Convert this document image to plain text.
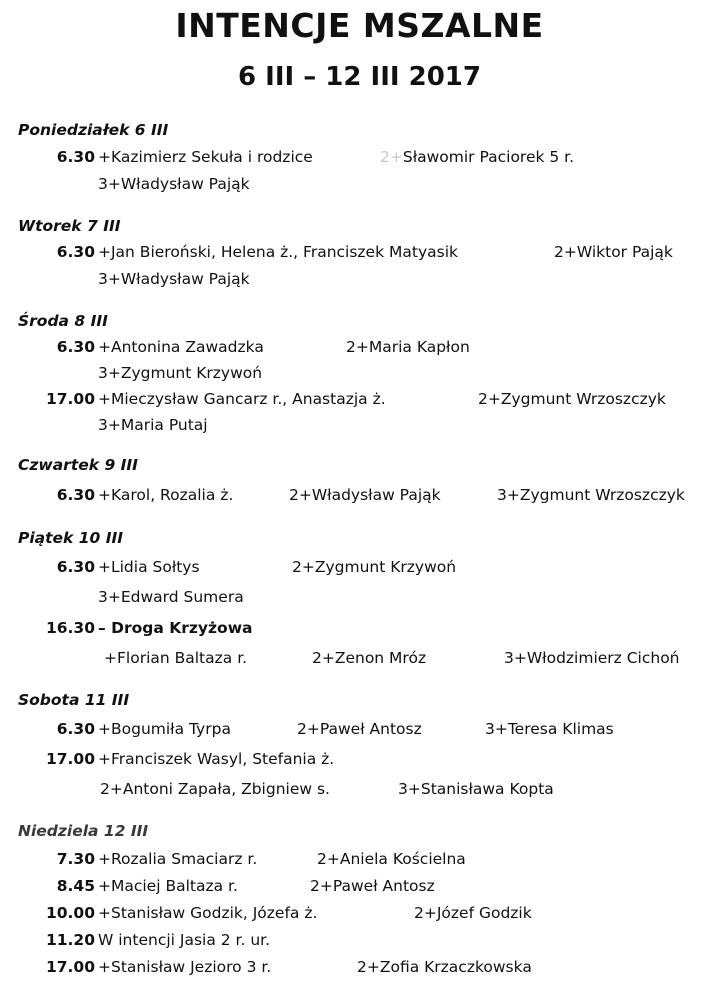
INTENCJE MSZALNE
6 III – 12 III 2017
Poniedziałek 6 III
6.30 +Kazimierz Sekuła i rodzice	2+Sławomir Paciorek 5 r.
3+Władysław Pająk
Wtorek 7 III
6.30 +Jan Bieroński, Helena ż., Franciszek Matyasik	2+Wiktor Pająk
3+Władysław Pająk
Środa 8 III
6.30 +Antonina Zawadzka	2+Maria Kapłon
3+Zygmunt Krzywoń
17.00 +Mieczysław Gancarz r., Anastazja ż.	2+Zygmunt Wrzoszczyk
3+Maria Putaj
Czwartek 9 III
6.30 +Karol, Rozalia ż.	2+Władysław Pająk	3+Zygmunt Wrzoszczyk
Piątek 10 III
6.30 +Lidia Sołtys	2+Zygmunt Krzywoń
3+Edward Sumera
16.30 – Droga Krzyżowa
+Florian Baltaza r.	2+Zenon Mróz	3+Włodzimierz Cichoń
Sobota 11 III
6.30 +Bogumiła Tyrpa	2+Paweł Antosz	3+Teresa Klimas
17.00 +Franciszek Wasyl, Stefania ż.
2+Antoni Zapała, Zbigniew s.	3+Stanisława Kopta
Niedziela 12 III
7.30 +Rozalia Smaciarz r.	2+Aniela Kościelna
8.45 +Maciej Baltaza r.	2+Paweł Antosz
10.00 +Stanisław Godzik, Józefa ż.	2+Józef Godzik
11.20 W intencji Jasia 2 r. ur.
17.00 +Stanisław Jezioro 3 r.	2+Zofia Krzaczkowska
